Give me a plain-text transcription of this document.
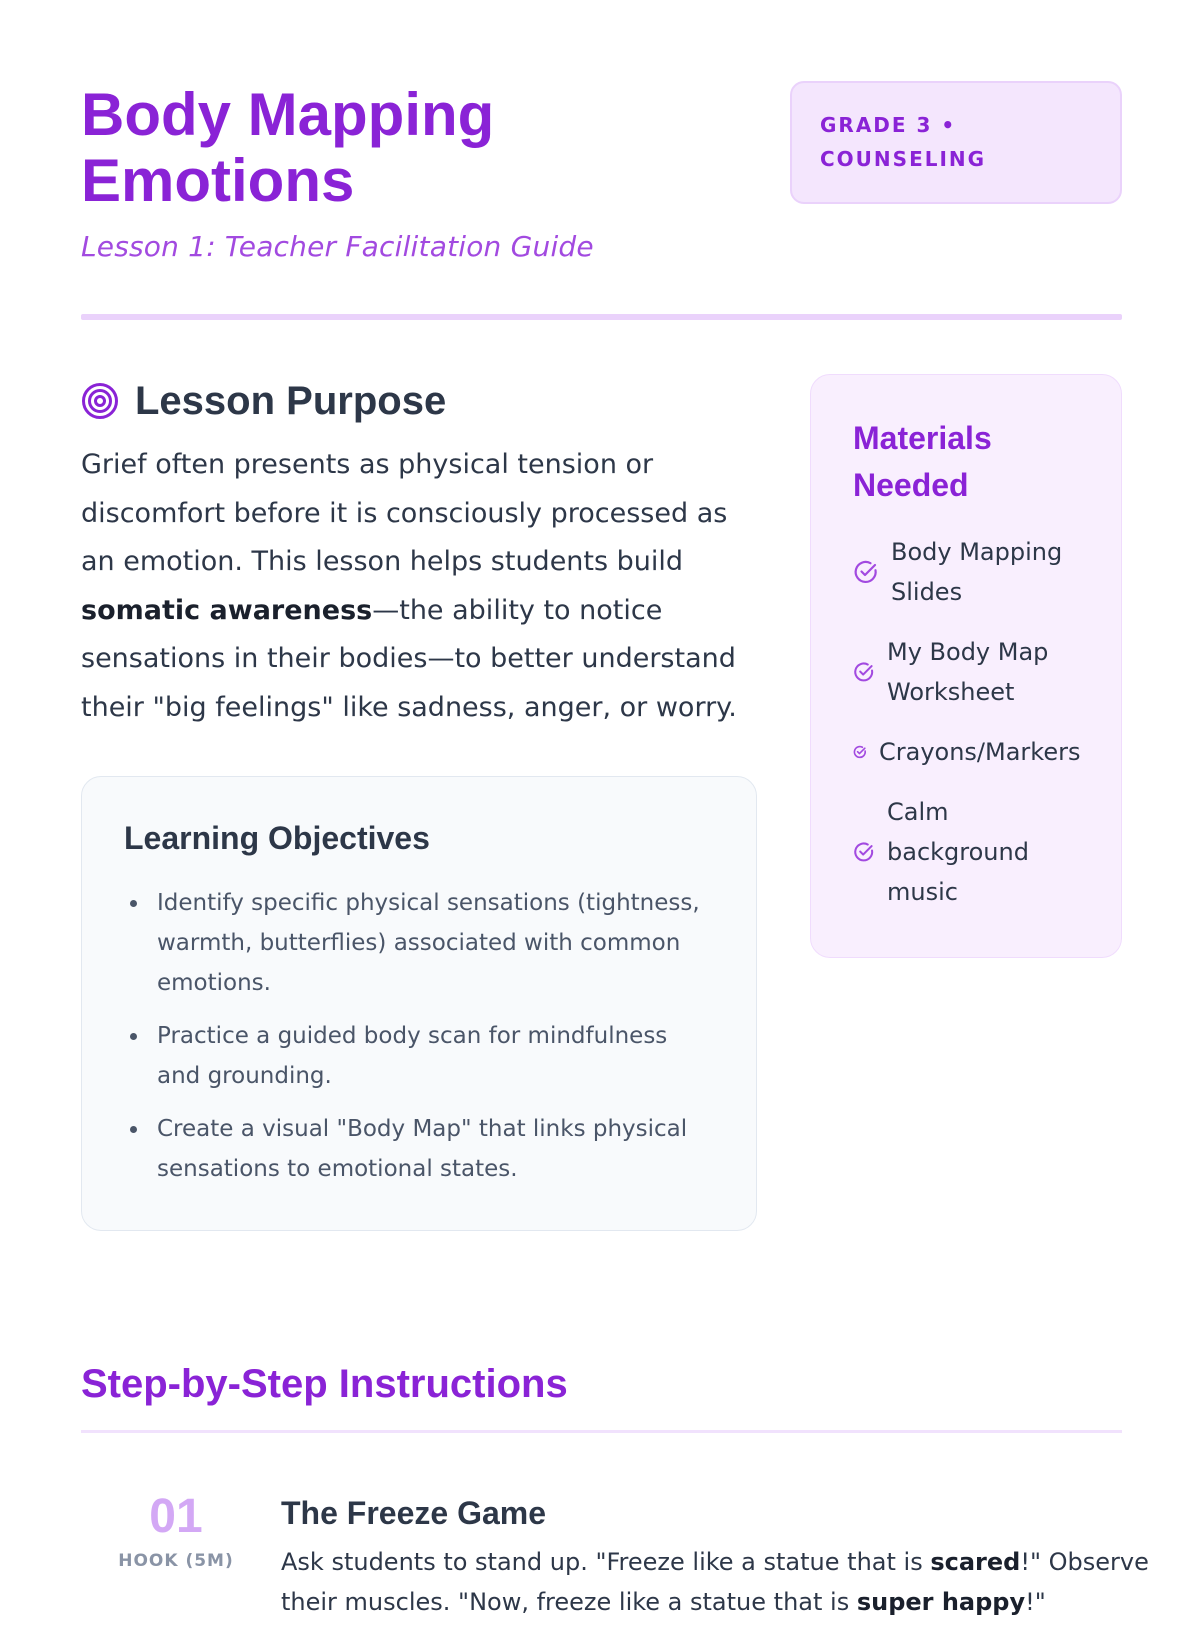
Body Mapping Emotions
Lesson 1: Teacher Facilitation Guide
GRADE 3 • COUNSELING
Lesson Purpose

Grief often presents as physical tension or discomfort before it is consciously processed as an emotion. This lesson helps students build somatic awareness—the ability to notice sensations in their bodies—to better understand their "big feelings" like sadness, anger, or worry.

Learning Objectives
Identify specific physical sensations (tightness, warmth, butterflies) associated with common emotions.
Practice a guided body scan for mindfulness and grounding.
Create a visual "Body Map" that links physical sensations to emotional states.
Materials Needed
Body Mapping Slides
My Body Map Worksheet
Crayons/Markers
Calm background music
Step-by-Step Instructions
01
HOOK (5M)
The Freeze Game

Ask students to stand up. "Freeze like a statue that is scared!" Observe their muscles. "Now, freeze like a statue that is super happy!"
